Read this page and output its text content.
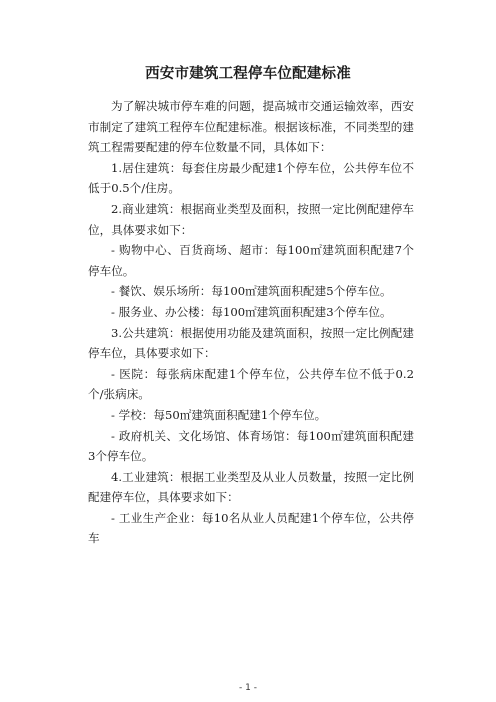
西安市建筑工程停车位配建标准

为了解决城市停车难的问题，提高城市交通运输效率，西安市制定了建筑工程停车位配建标准。根据该标准，不同类型的建筑工程需要配建的停车位数量不同，具体如下：

1.居住建筑：每套住房最少配建1个停车位，公共停车位不低于0.5个/住房。

2.商业建筑：根据商业类型及面积，按照一定比例配建停车位，具体要求如下：

- 购物中心、百货商场、超市：每100㎡建筑面积配建7个停车位。

- 餐饮、娱乐场所：每100㎡建筑面积配建5个停车位。

- 服务业、办公楼：每100㎡建筑面积配建3个停车位。

3.公共建筑：根据使用功能及建筑面积，按照一定比例配建停车位，具体要求如下：

- 医院：每张病床配建1个停车位，公共停车位不低于0.2个/张病床。

- 学校：每50㎡建筑面积配建1个停车位。

- 政府机关、文化场馆、体育场馆：每100㎡建筑面积配建3个停车位。

4.工业建筑：根据工业类型及从业人员数量，按照一定比例配建停车位，具体要求如下：

- 工业生产企业：每10名从业人员配建1个停车位，公共停车

- 1 -
